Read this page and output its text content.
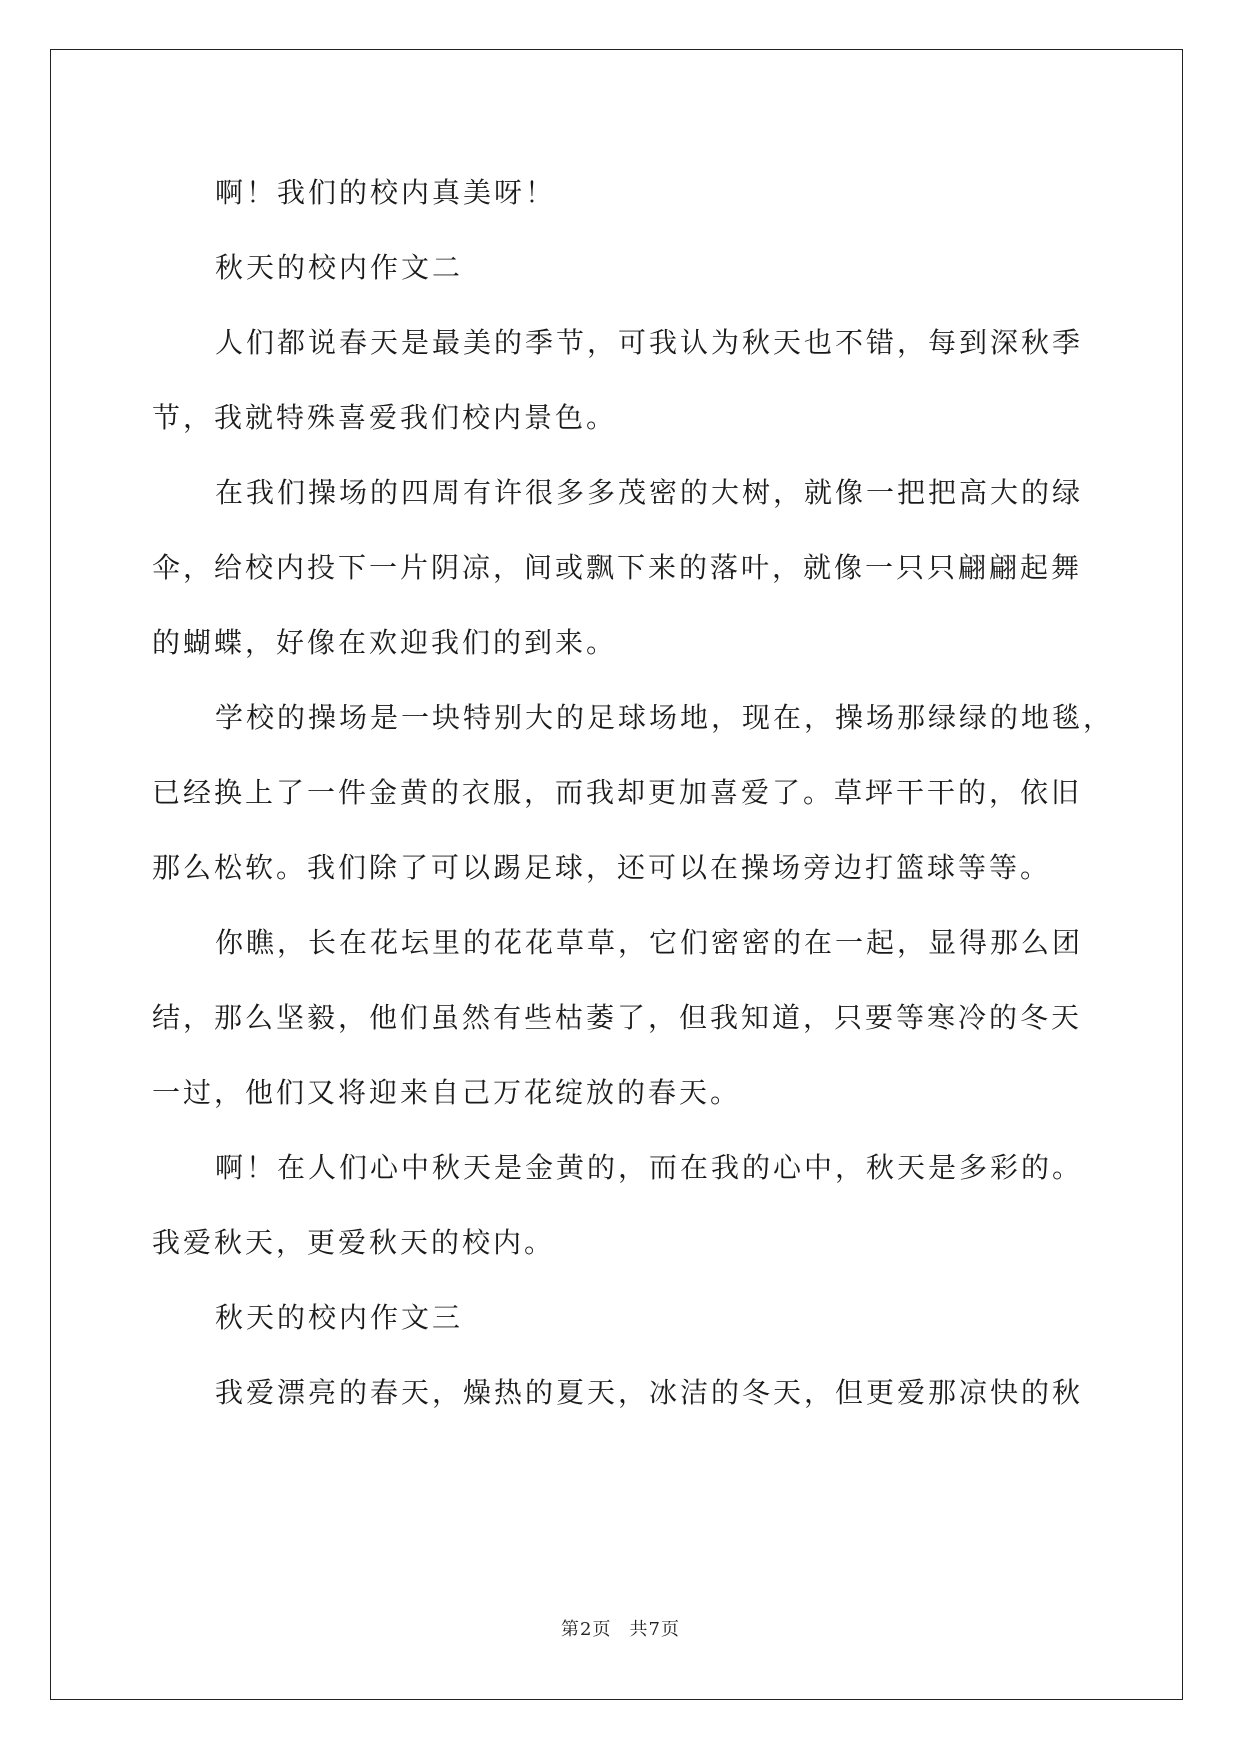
啊！我们的校内真美呀！
秋天的校内作文二
人们都说春天是最美的季节，可我认为秋天也不错，每到深秋季
节，我就特殊喜爱我们校内景色。
在我们操场的四周有许很多多茂密的大树，就像一把把高大的绿
伞，给校内投下一片阴凉，间或飘下来的落叶，就像一只只翩翩起舞
的蝴蝶，好像在欢迎我们的到来。
学校的操场是一块特别大的足球场地，现在，操场那绿绿的地毯，
已经换上了一件金黄的衣服，而我却更加喜爱了。草坪干干的，依旧
那么松软。我们除了可以踢足球，还可以在操场旁边打篮球等等。
你瞧，长在花坛里的花花草草，它们密密的在一起，显得那么团
结，那么坚毅，他们虽然有些枯萎了，但我知道，只要等寒冷的冬天
一过，他们又将迎来自己万花绽放的春天。
啊！在人们心中秋天是金黄的，而在我的心中，秋天是多彩的。
我爱秋天，更爱秋天的校内。
秋天的校内作文三
我爱漂亮的春天，燥热的夏天，冰洁的冬天，但更爱那凉快的秋
第2页 共7页
